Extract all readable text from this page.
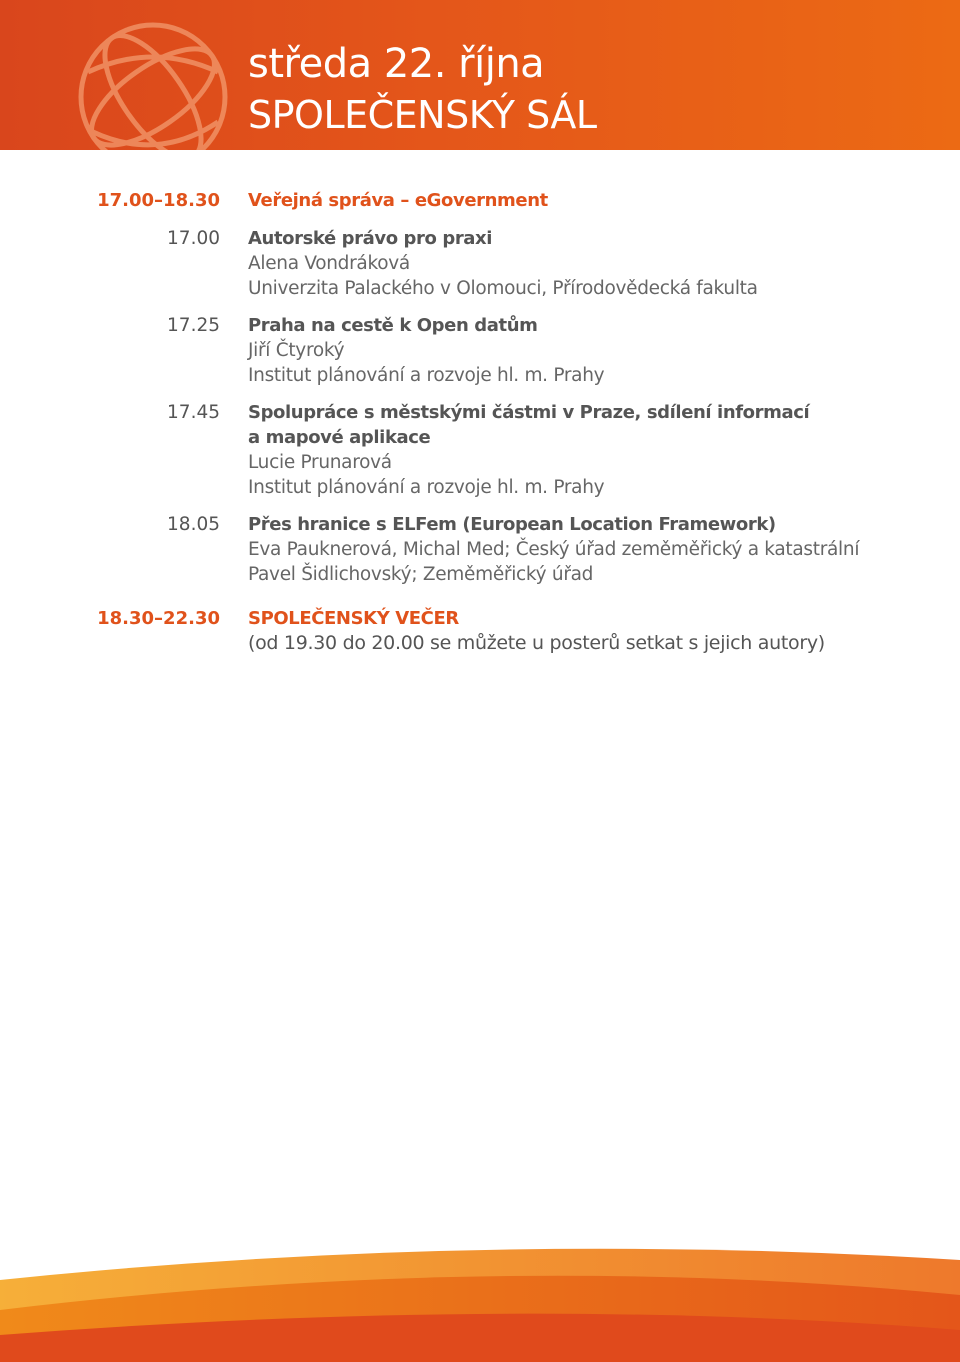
středa 22. října
SPOLEČENSKÝ SÁL
17.00–18.30 Veřejná správa – eGovernment
17.00 Autorské právo pro praxi
Alena Vondráková
Univerzita Palackého v Olomouci, Přírodovědecká fakulta
17.25 Praha na cestě k Open datům
Jiří Čtyroký
Institut plánování a rozvoje hl. m. Prahy
17.45 Spolupráce s městskými částmi v Praze, sdílení informací
a mapové aplikace
Lucie Prunarová
Institut plánování a rozvoje hl. m. Prahy
18.05 Přes hranice s ELFem (European Location Framework)
Eva Pauknerová, Michal Med; Český úřad zeměměřický a katastrální
Pavel Šidlichovský; Zeměměřický úřad
18.30–22.30 SPOLEČENSKÝ VEČER
(od 19.30 do 20.00 se můžete u posterů setkat s jejich autory)
